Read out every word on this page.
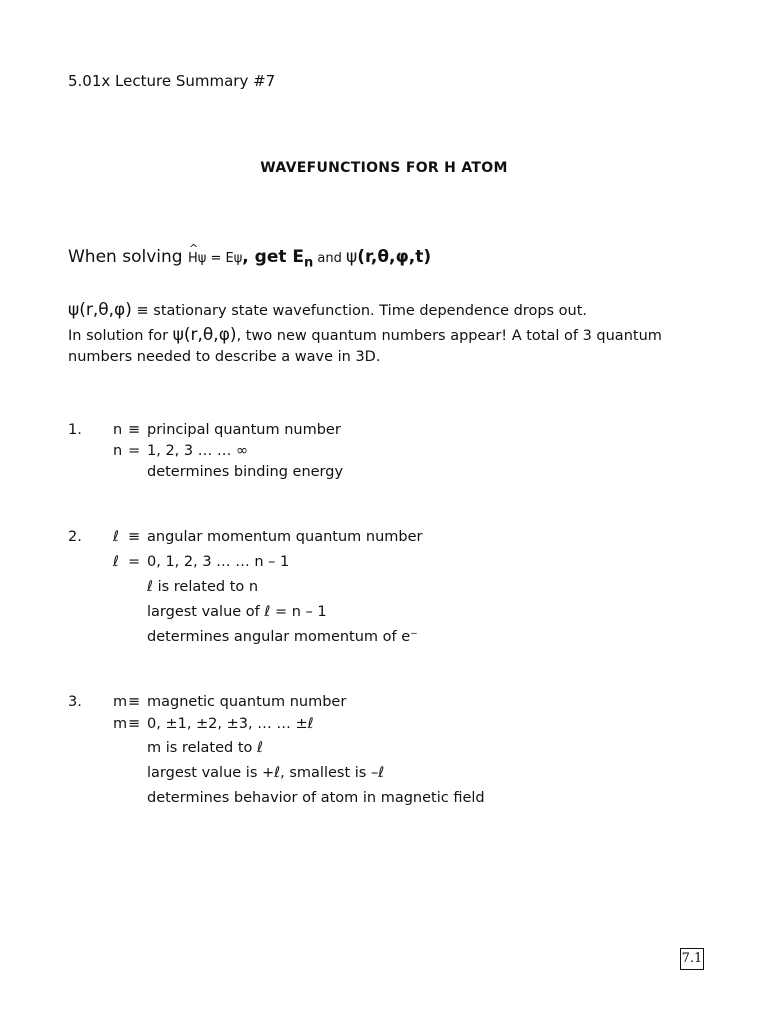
5.01x Lecture Summary #7
WAVEFUNCTIONS FOR H ATOM
When solving ^ Hψ = Eψ, get $E_n$ and ψ(r,θ,φ,t)
ψ(r,θ,φ) ≡ stationary state wavefunction. Time dependence drops out.
In solution for ψ(r,θ,φ), two new quantum numbers appear! A total of 3 quantum
numbers needed to describe a wave in 3D.
1. n ≡ principal quantum number
n = 1, 2, 3 … … ∞
determines binding energy
2. ℓ ≡ angular momentum quantum number
ℓ = 0, 1, 2, 3 … … n – 1
ℓ is related to n
largest value of ℓ = n – 1
determines angular momentum of e⁻
3. m ≡ magnetic quantum number
m ≡ 0, ±1, ±2, ±3, … … ±ℓ
m is related to ℓ
largest value is +ℓ, smallest is –ℓ
determines behavior of atom in magnetic field
7.1
